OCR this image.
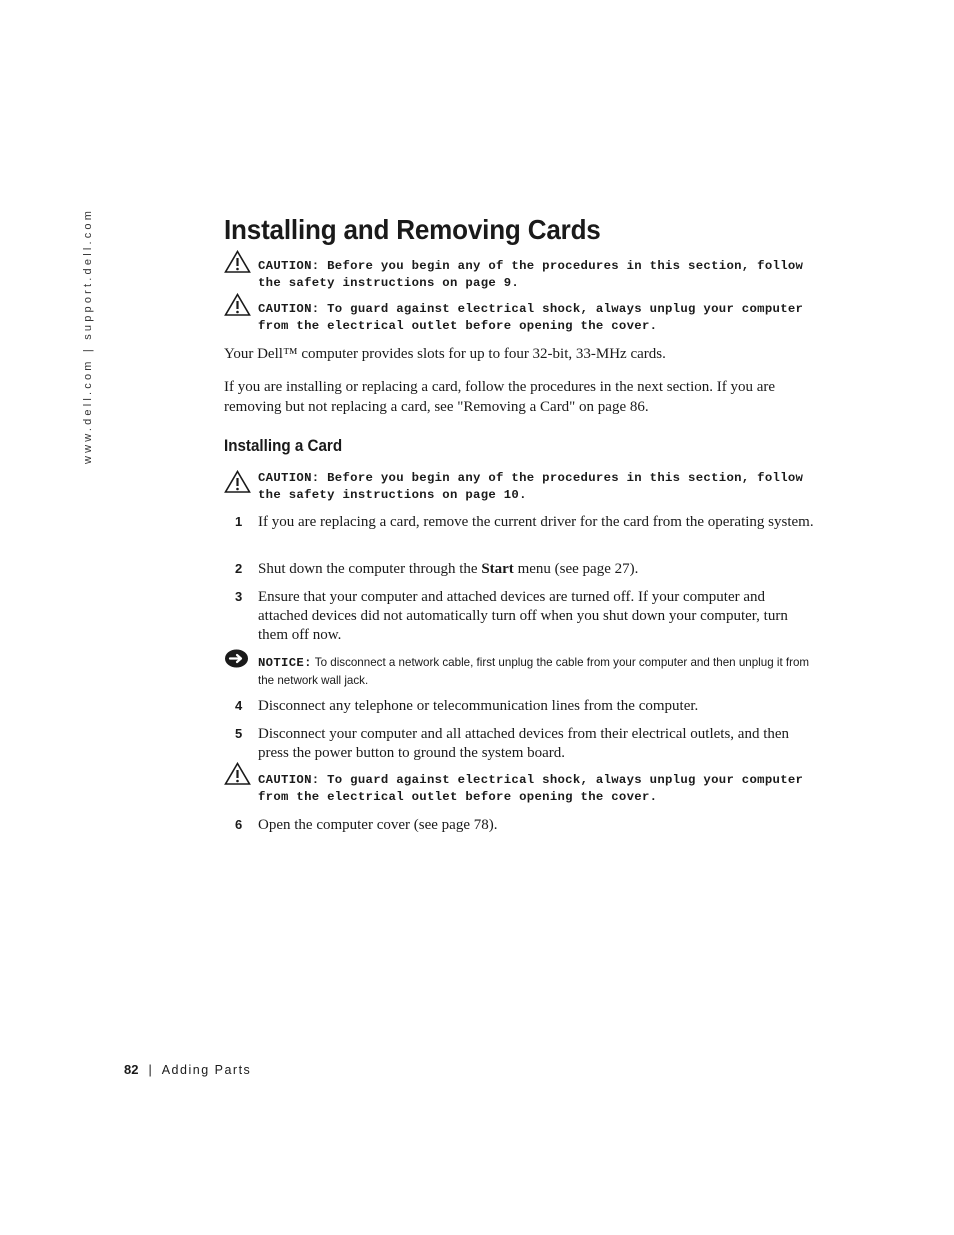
www.dell.com | support.dell.com	Installing and Removing Cards
CAUTION: Before you begin any of the procedures in this section, follow the safety instructions on page 9.
CAUTION: To guard against electrical shock, always unplug your computer from the electrical outlet before opening the cover.

Your Dell™ computer provides slots for up to four 32-bit, 33-MHz cards.

If you are installing or replacing a card, follow the procedures in the next section. If you are removing but not replacing a card, see "Removing a Card" on page 86.

Installing a Card
CAUTION: Before you begin any of the procedures in this section, follow the safety instructions on page 10.
1 If you are replacing a card, remove the current driver for the card from the operating system.
2 Shut down the computer through the Start menu (see page 27).
3 Ensure that your computer and attached devices are turned off. If your computer and attached devices did not automatically turn off when you shut down your computer, turn them off now.
NOTICE: To disconnect a network cable, first unplug the cable from your computer and then unplug it from the network wall jack.
4 Disconnect any telephone or telecommunication lines from the computer.
5 Disconnect your computer and all attached devices from their electrical outlets, and then press the power button to ground the system board.
CAUTION: To guard against electrical shock, always unplug your computer from the electrical outlet before opening the cover.
6 Open the computer cover (see page 78).
82 | Adding Parts
